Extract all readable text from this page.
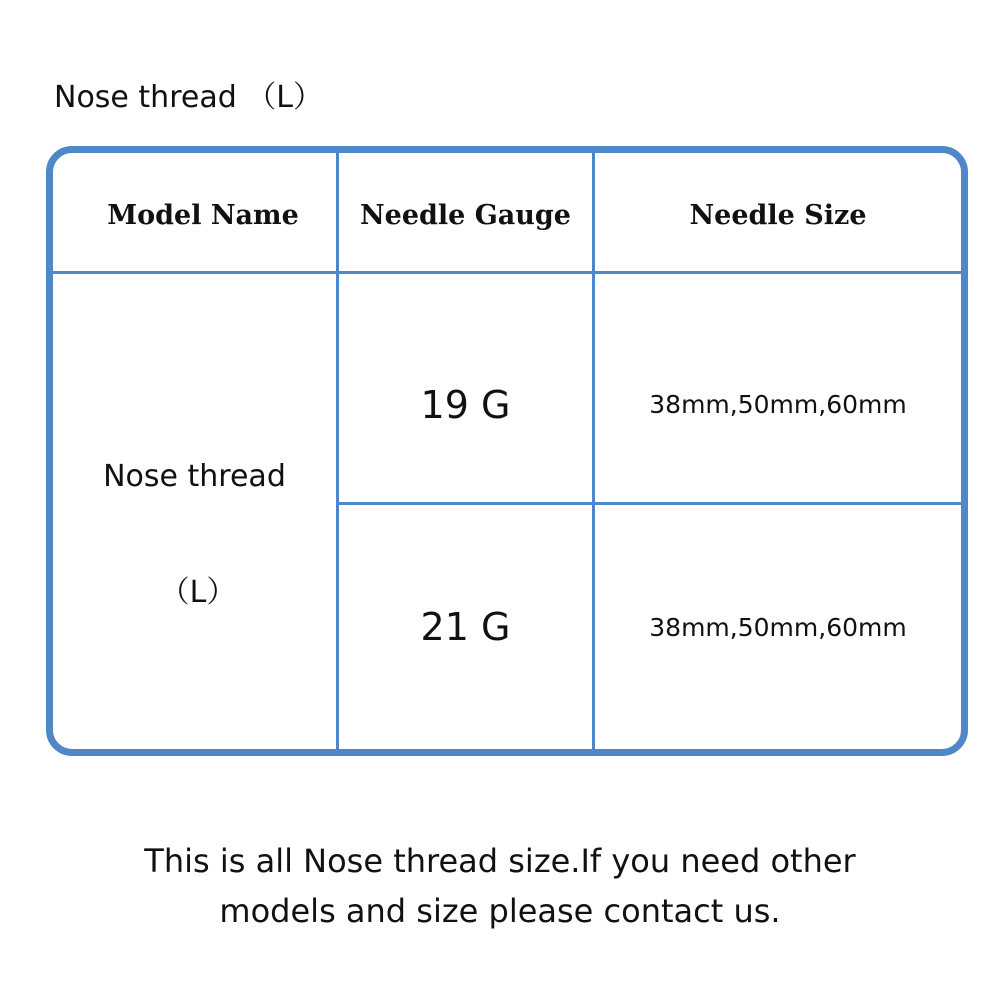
Nose thread （L）
Model Name	Needle Gauge	Needle Size
Nose thread
（L）
19 G	38mm,50mm,60mm
21 G	38mm,50mm,60mm
This is all Nose thread size.If you need other
models and size please contact us.
